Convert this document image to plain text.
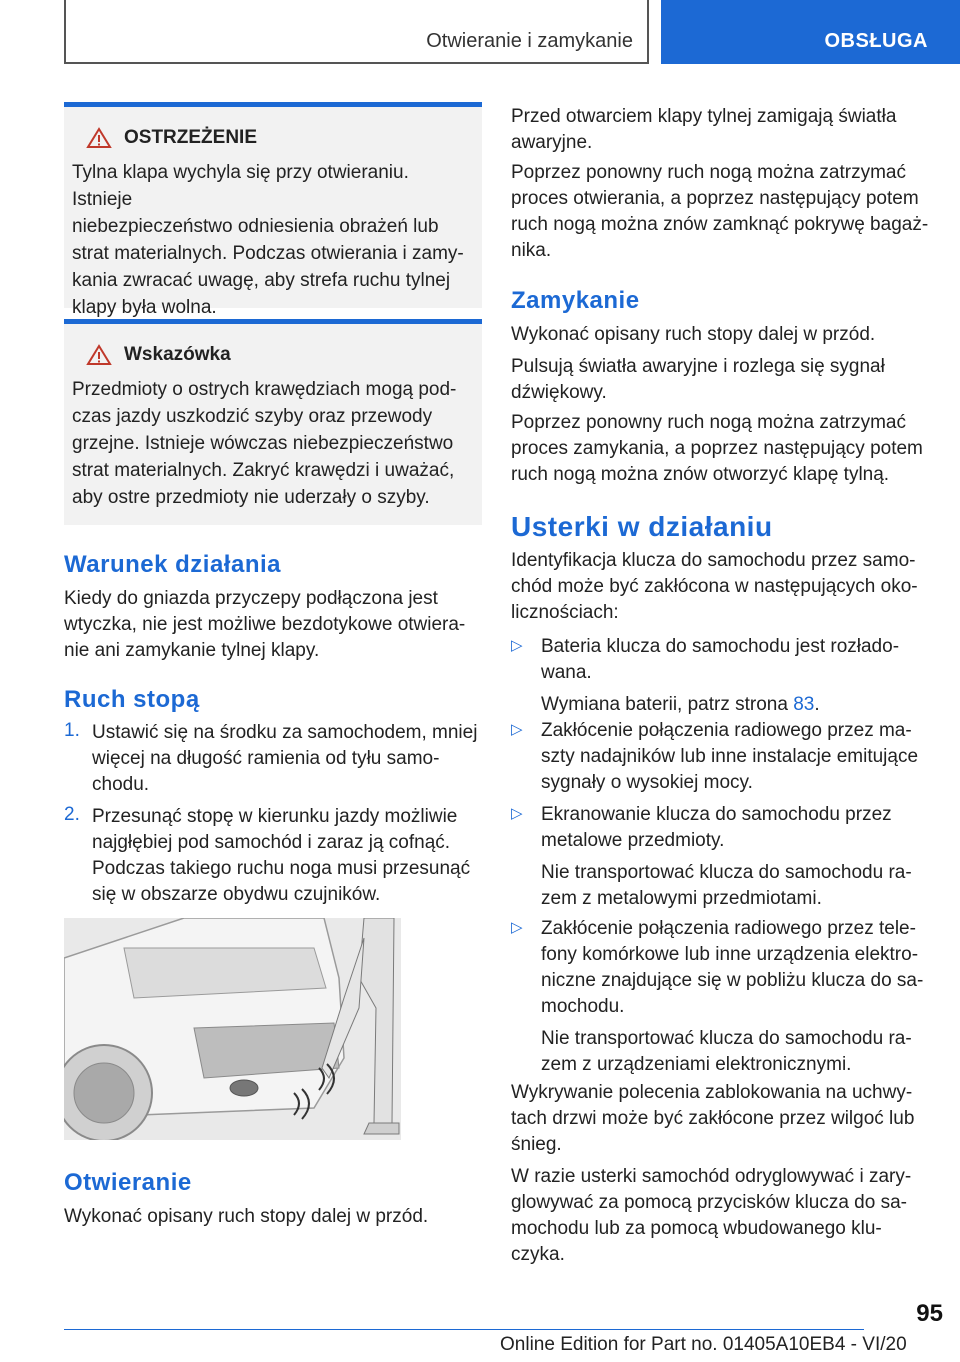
Otwieranie i zamykanie	OBSŁUGA
OSTRZEŻENIE
Tylna klapa wychyla się przy otwieraniu. Istnieje
niebezpieczeństwo odniesienia obrażeń lub
strat materialnych. Podczas otwierania i zamy-
kania zwracać uwagę, aby strefa ruchu tylnej
klapy była wolna.
Wskazówka
Przedmioty o ostrych krawędziach mogą pod-
czas jazdy uszkodzić szyby oraz przewody
grzejne. Istnieje wówczas niebezpieczeństwo
strat materialnych. Zakryć krawędzi i uważać,
aby ostre przedmioty nie uderzały o szyby.
Warunek działania

Kiedy do gniazda przyczepy podłączona jest

wtyczka, nie jest możliwe bezdotykowe otwiera-

nie ani zamykanie tylnej klapy.

Ruch stopą
1. Ustawić się na środku za samochodem, mniej

więcej na długość ramienia od tyłu samo-

chodu.

2. Przesunąć stopę w kierunku jazdy możliwie

najgłębiej pod samochód i zaraz ją cofnąć.

Podczas takiego ruchu noga musi przesunąć

się w obszarze obydwu czujników.

Otwieranie

Wykonać opisany ruch stopy dalej w przód.

Przed otwarciem klapy tylnej zamigają światła

awaryjne.

Poprzez ponowny ruch nogą można zatrzymać

proces otwierania, a poprzez następujący potem

ruch nogą można znów zamknąć pokrywę bagaż-

nika.

Zamykanie

Wykonać opisany ruch stopy dalej w przód.

Pulsują światła awaryjne i rozlega się sygnał

dźwiękowy.

Poprzez ponowny ruch nogą można zatrzymać

proces zamykania, a poprzez następujący potem

ruch nogą można znów otworzyć klapę tylną.

Usterki w działaniu

Identyfikacja klucza do samochodu przez samo-

chód może być zakłócona w następujących oko-

licznościach:

▷ Bateria klucza do samochodu jest rozłado-

wana.

Wymiana baterii, patrz strona 83.

▷ Zakłócenie połączenia radiowego przez ma-

szty nadajników lub inne instalacje emitujące

sygnały o wysokiej mocy.

▷ Ekranowanie klucza do samochodu przez

metalowe przedmioty.

Nie transportować klucza do samochodu ra-

zem z metalowymi przedmiotami.

▷ Zakłócenie połączenia radiowego przez tele-

fony komórkowe lub inne urządzenia elektro-

niczne znajdujące się w pobliżu klucza do sa-

mochodu.

Nie transportować klucza do samochodu ra-

zem z urządzeniami elektronicznymi.

Wykrywanie polecenia zablokowania na uchwy-

tach drzwi może być zakłócone przez wilgoć lub

śnieg.

W razie usterki samochód odryglowywać i zary-

glowywać za pomocą przycisków klucza do sa-

mochodu lub za pomocą wbudowanego klu-

czyka.

95
Online Edition for Part no. 01405A10EB4 - VI/20
